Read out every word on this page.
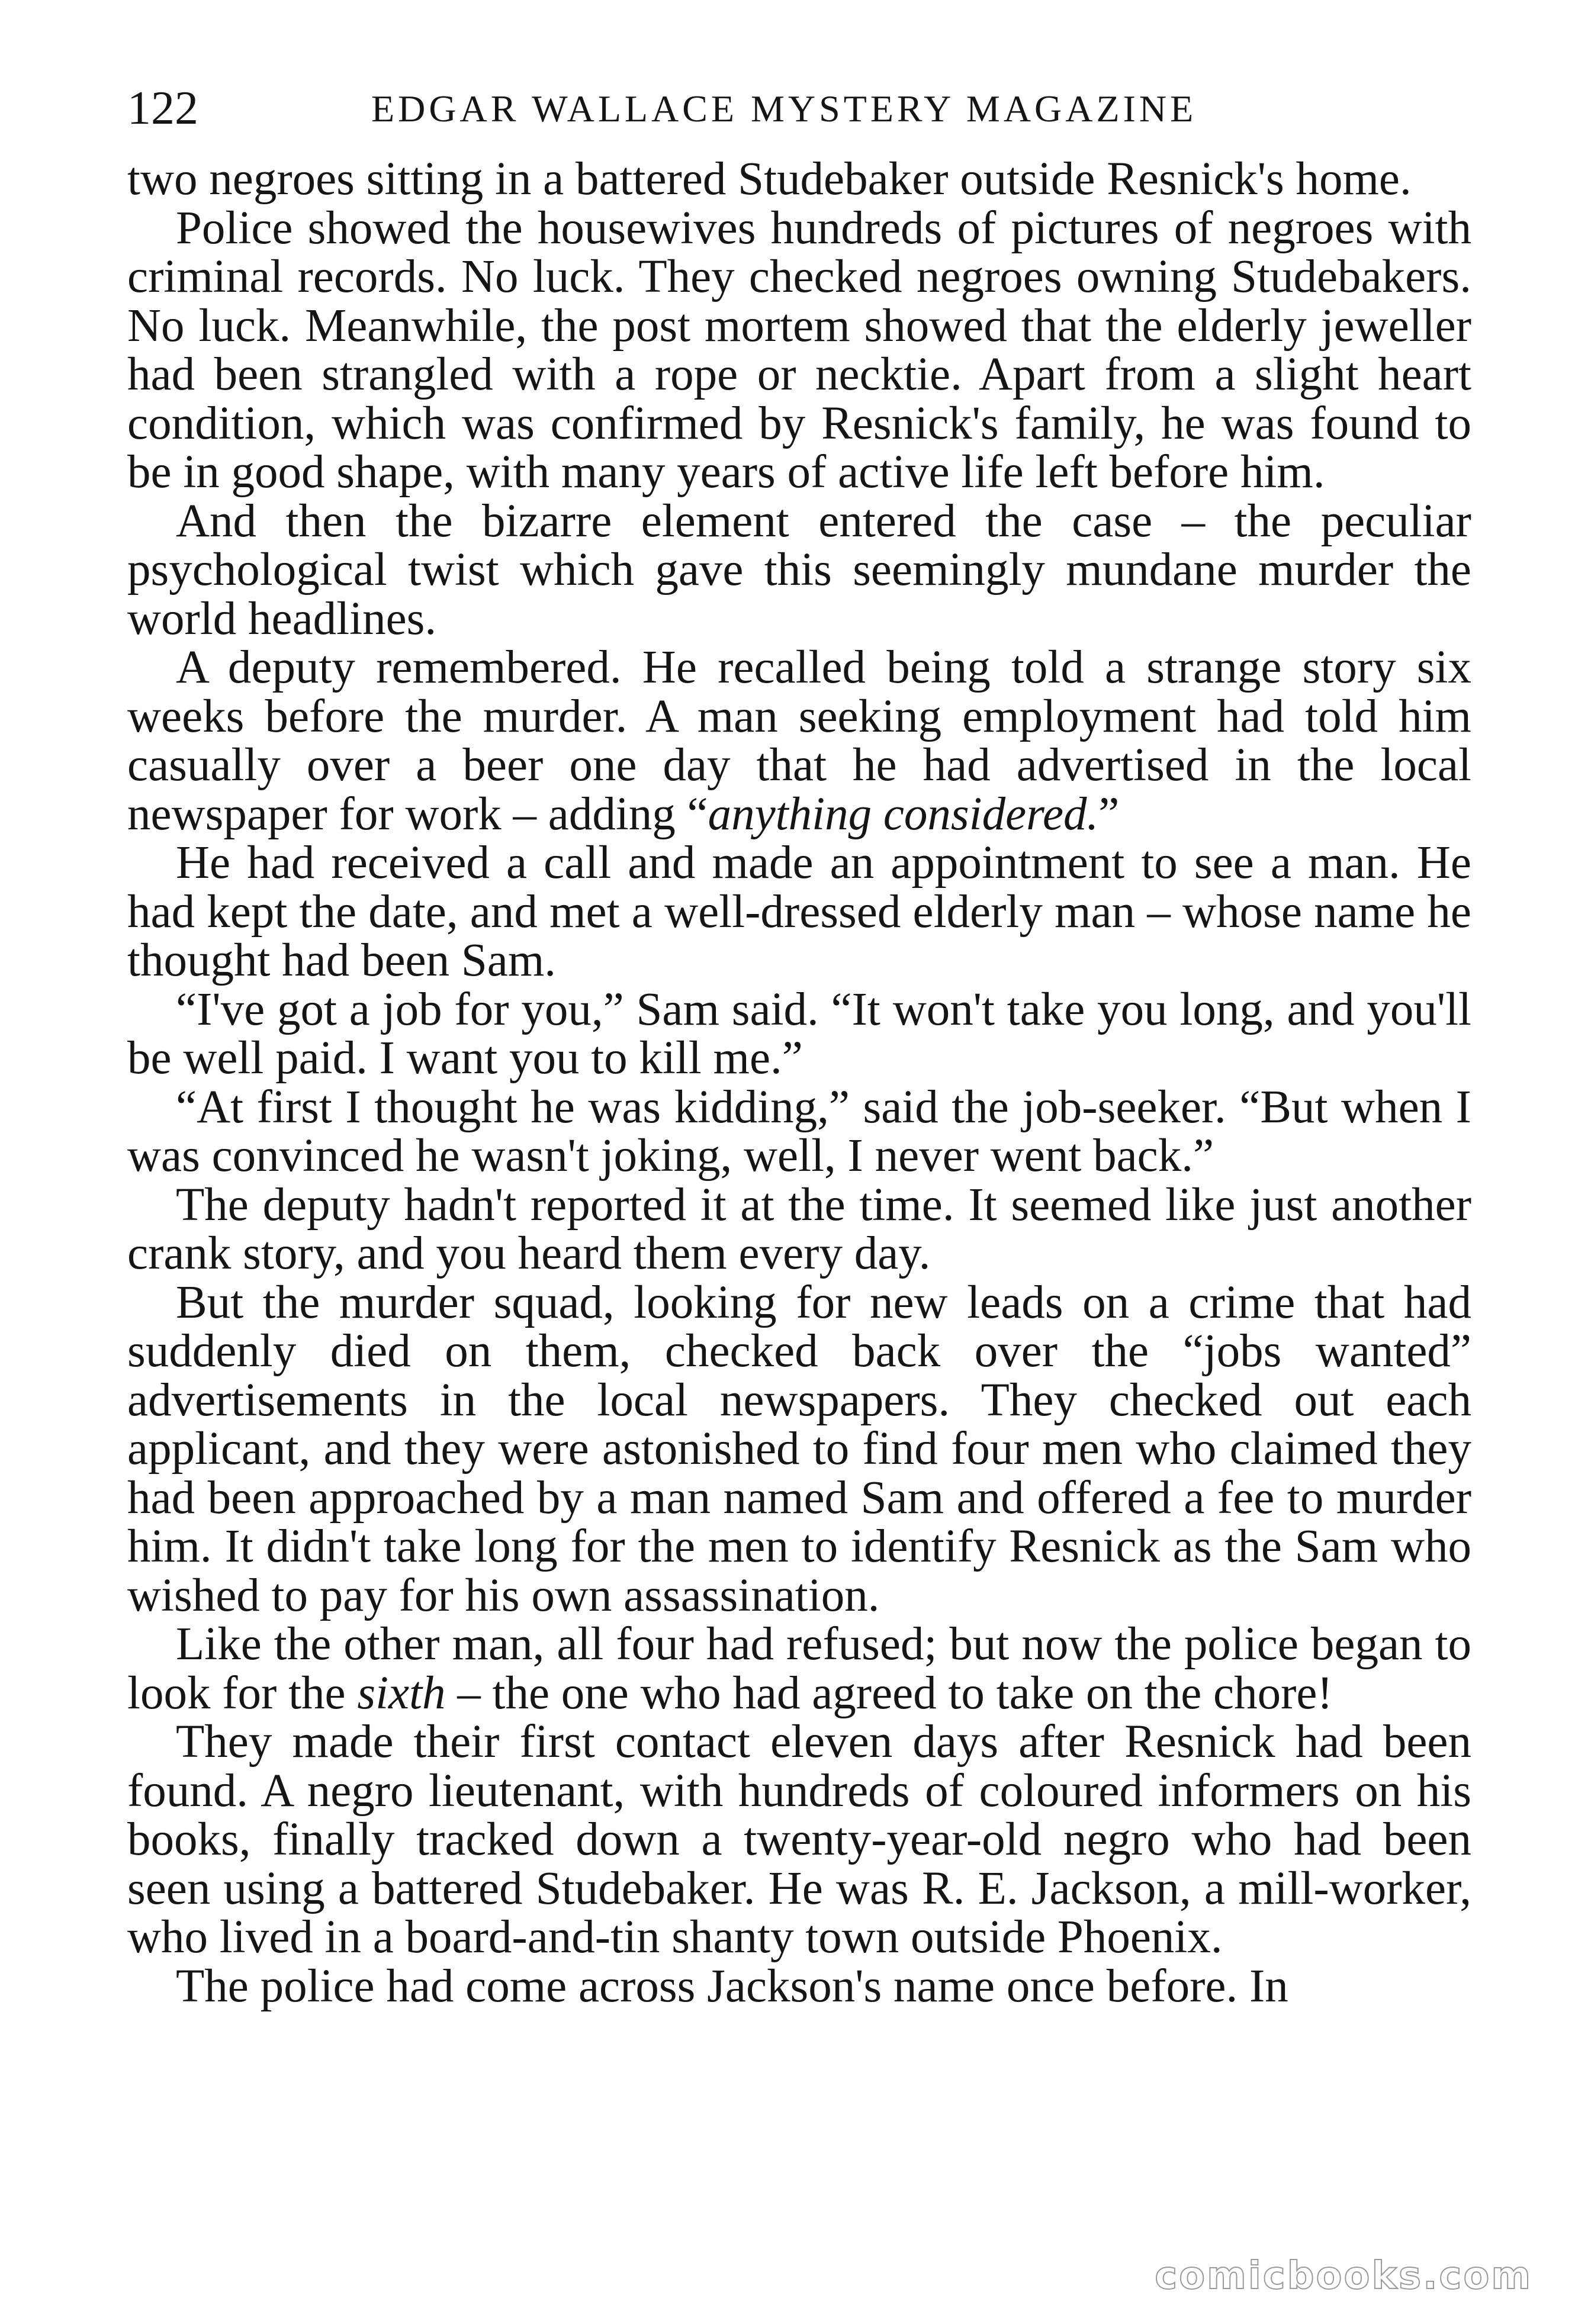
122	EDGAR WALLACE MYSTERY MAGAZINE

two negroes sitting in a battered Studebaker outside Resnick's home.

Police showed the housewives hundreds of pictures of negroes with criminal records. No luck. They checked negroes owning Studebakers. No luck. Meanwhile, the post mortem showed that the elderly jeweller had been strangled with a rope or necktie. Apart from a slight heart condition, which was confirmed by Resnick's family, he was found to be in good shape, with many years of active life left before him.

And then the bizarre element entered the case – the peculiar psychological twist which gave this seemingly mundane murder the world headlines.

A deputy remembered. He recalled being told a strange story six weeks before the murder. A man seeking employment had told him casually over a beer one day that he had advertised in the local newspaper for work – adding “anything considered.”

He had received a call and made an appointment to see a man. He had kept the date, and met a well-dressed elderly man – whose name he thought had been Sam.

“I've got a job for you,” Sam said. “It won't take you long, and you'll be well paid. I want you to kill me.”

“At first I thought he was kidding,” said the job-seeker. “But when I was convinced he wasn't joking, well, I never went back.”

The deputy hadn't reported it at the time. It seemed like just another crank story, and you heard them every day.

But the murder squad, looking for new leads on a crime that had suddenly died on them, checked back over the “jobs wanted” advertisements in the local newspapers. They checked out each applicant, and they were astonished to find four men who claimed they had been approached by a man named Sam and offered a fee to murder him. It didn't take long for the men to identify Resnick as the Sam who wished to pay for his own assassination.

Like the other man, all four had refused; but now the police began to look for the sixth – the one who had agreed to take on the chore!

They made their first contact eleven days after Resnick had been found. A negro lieutenant, with hundreds of coloured informers on his books, finally tracked down a twenty-year-old negro who had been seen using a battered Studebaker. He was R. E. Jackson, a mill-worker, who lived in a board-and-tin shanty town outside Phoenix.

The police had come across Jackson's name once before. In

comicbooks.com
